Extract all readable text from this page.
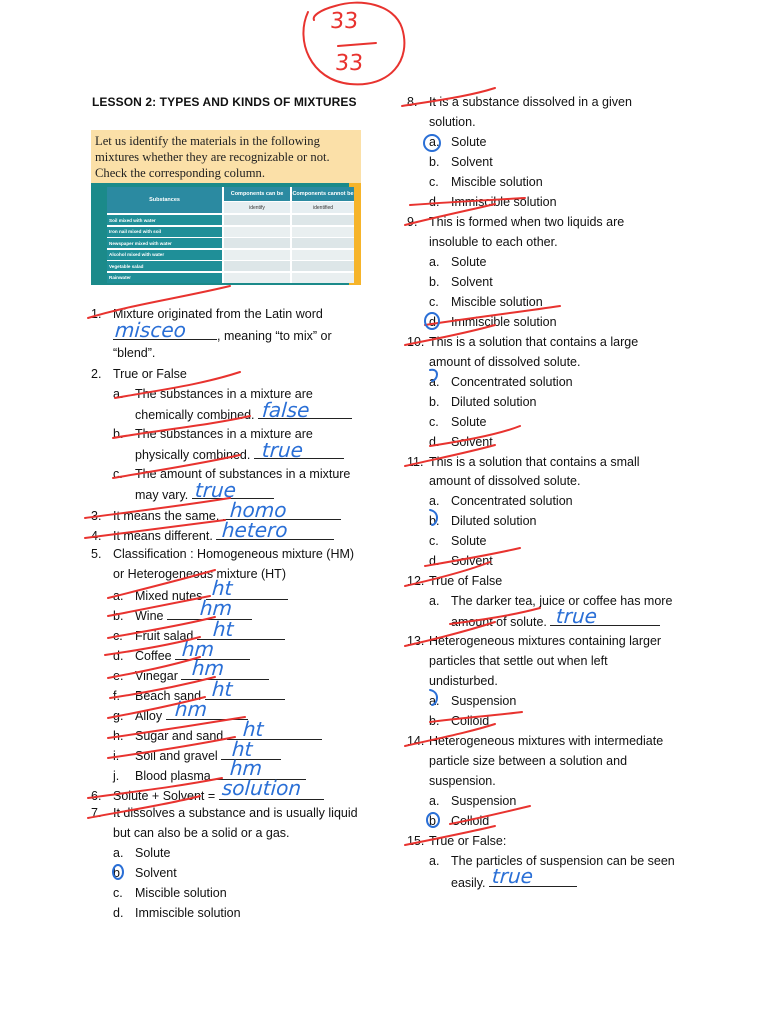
33
33
LESSON 2: TYPES AND KINDS OF MIXTURES
Let us identify the materials in the following mixtures whether they are recognizable or not. Check the corresponding column.
Substances
Components can be	Components cannot be
identify	identified
Soil mixed with water
Iron nail mixed with soil
Newspaper mixed with water
Alcohol mixed with water
Vegetable salad
Rainwater
1. Mixture originated from the Latin word
, meaning “to mix” or
“blend”.
misceo
2. True or False
a. The substances in a mixture are
chemically combined. false
b. The substances in a mixture are
physically combined. true
c. The amount of substances in a mixture
may vary. true
3. It means the same. homo
4. It means different. hetero
5. Classification : Homogeneous mixture (HM)
or Heterogeneous mixture (HT)
a. Mixed nutes ht
b. Wine	hm
c. Fruit salad ht
d. Coffee hm
e. Vinegar hm
f. Beach sand ht
g. Alloy hm
h. Sugar and sand ht
i. Soil and gravel ht
j. Blood plasma hm
6. Solute + Solvent = solution
7. It dissolves a substance and is usually liquid
but can also be a solid or a gas.
a. Solute
b. Solvent
c. Miscible solution
d. Immiscible solution
8. It is a substance dissolved in a given
solution.
a. Solute
b. Solvent
c. Miscible solution
d. Immiscible solution
9. This is formed when two liquids are
insoluble to each other.
a. Solute
b. Solvent
c. Miscible solution
d. Immiscible solution
10. This is a solution that contains a large
amount of dissolved solute.
a. Concentrated solution
b. Diluted solution
c. Solute
d. Solvent
11. This is a solution that contains a small
amount of dissolved solute.
a. Concentrated solution
b. Diluted solution
c. Solute
d. Solvent
12. True of False
a. The darker tea, juice or coffee has more
amount of solute. true
13. Heterogeneous mixtures containing larger
particles that settle out when left
undisturbed.
a. Suspension
b. Colloid
14. Heterogeneous mixtures with intermediate
particle size between a solution and
suspension.
a. Suspension
b. Colloid
15. True or False:
a. The particles of suspension can be seen
easily. true
